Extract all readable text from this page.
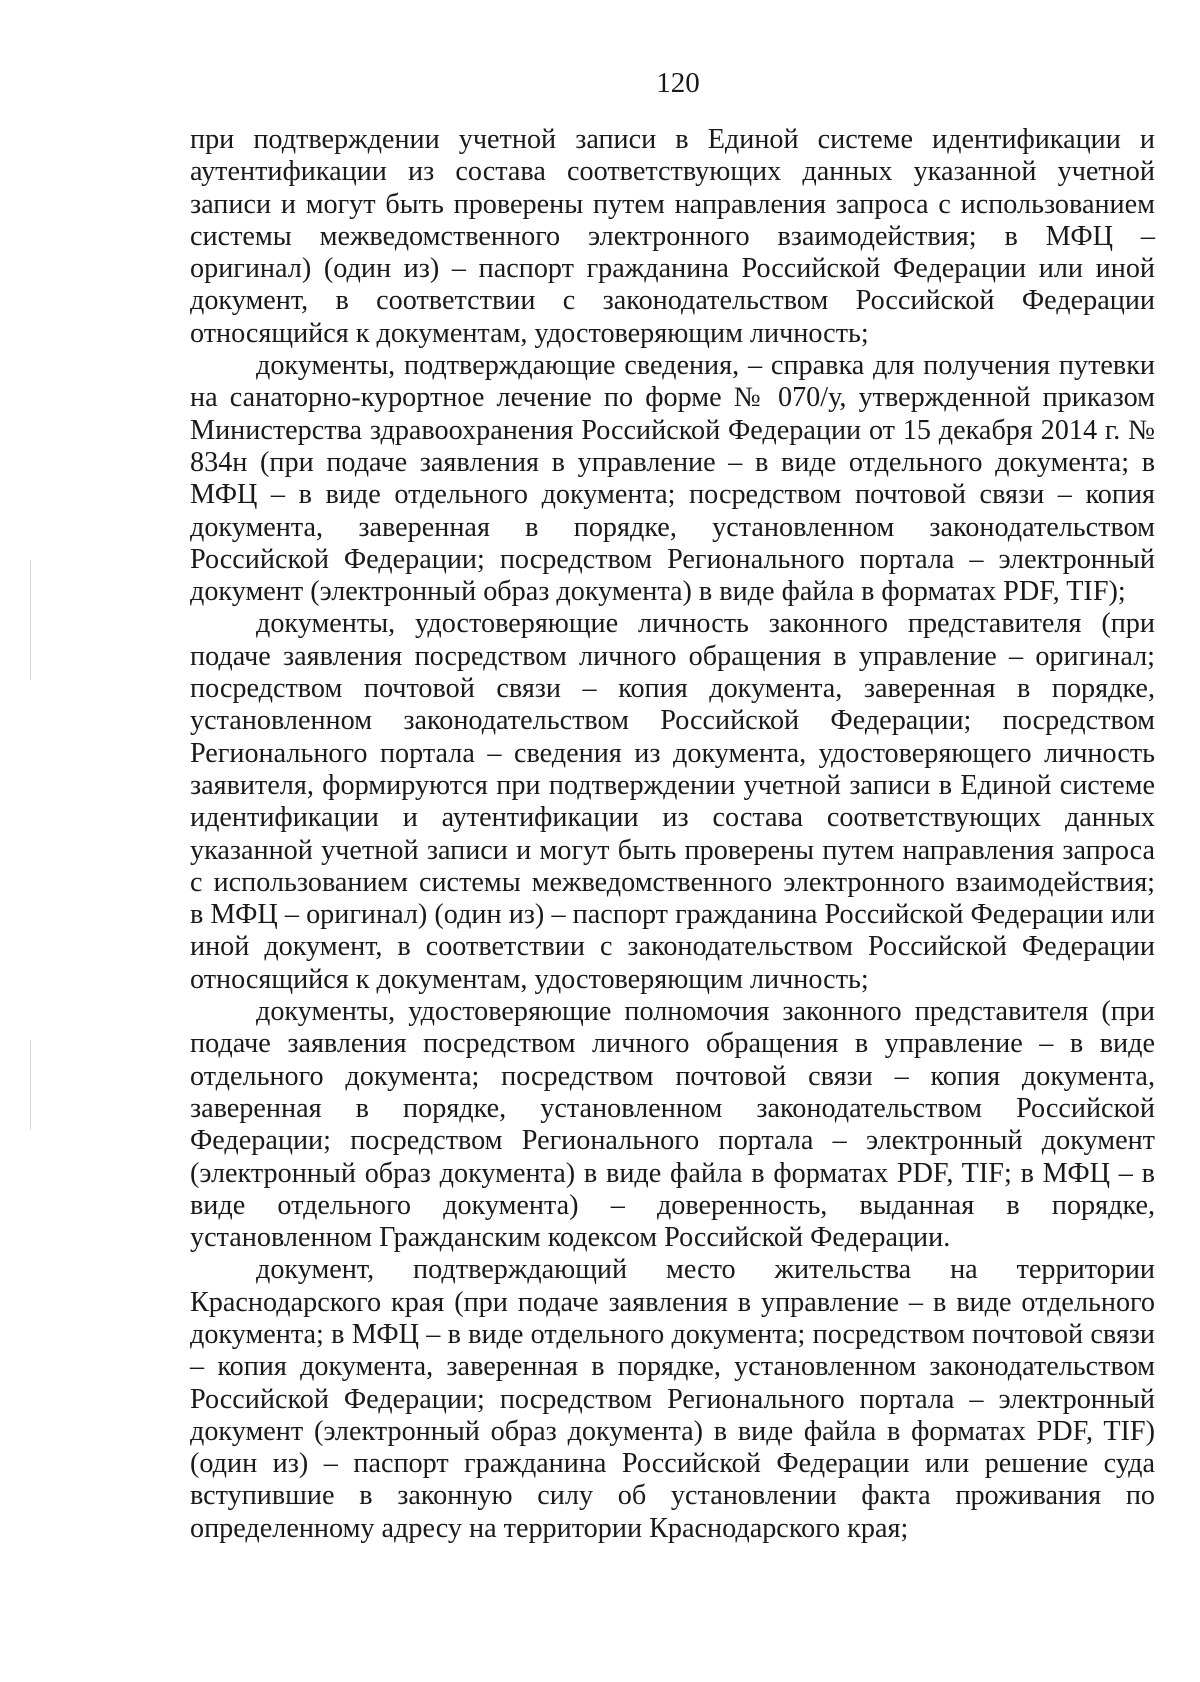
120

при подтверждении учетной записи в Единой системе идентификации и аутентификации из состава соответствующих данных указанной учетной записи и могут быть проверены путем направления запроса с использованием системы межведомственного электронного взаимодействия; в МФЦ – оригинал) (один из) – паспорт гражданина Российской Федерации или иной документ, в соответствии с законодательством Российской Федерации относящийся к документам, удостоверяющим личность;

документы, подтверждающие сведения, – справка для получения путевки на санаторно-курортное лечение по форме № 070/у, утвержденной приказом Министерства здравоохранения Российской Федерации от 15 декабря 2014 г. № 834н (при подаче заявления в управление – в виде отдельного документа; в МФЦ – в виде отдельного документа; посредством почтовой связи – копия документа, заверенная в порядке, установленном законодательством Российской Федерации; посредством Регионального портала – электронный документ (электронный образ документа) в виде файла в форматах PDF, TIF);

документы, удостоверяющие личность законного представителя (при подаче заявления посредством личного обращения в управление – оригинал; посредством почтовой связи – копия документа, заверенная в порядке, установленном законодательством Российской Федерации; посредством Регионального портала – сведения из документа, удостоверяющего личность заявителя, формируются при подтверждении учетной записи в Единой системе идентификации и аутентификации из состава соответствующих данных указанной учетной записи и могут быть проверены путем направления запроса с использованием системы межведомственного электронного взаимодействия; в МФЦ – оригинал) (один из) – паспорт гражданина Российской Федерации или иной документ, в соответствии с законодательством Российской Федерации относящийся к документам, удостоверяющим личность;

документы, удостоверяющие полномочия законного представителя (при подаче заявления посредством личного обращения в управление – в виде отдельного документа; посредством почтовой связи – копия документа, заверенная в порядке, установленном законодательством Российской Федерации; посредством Регионального портала – электронный документ (электронный образ документа) в виде файла в форматах PDF, TIF; в МФЦ – в виде отдельного документа) – доверенность, выданная в порядке, установленном Гражданским кодексом Российской Федерации.

документ, подтверждающий место жительства на территории Краснодарского края (при подаче заявления в управление – в виде отдельного документа; в МФЦ – в виде отдельного документа; посредством почтовой связи – копия документа, заверенная в порядке, установленном законодательством Российской Федерации; посредством Регионального портала – электронный документ (электронный образ документа) в виде файла в форматах PDF, TIF) (один из) – паспорт гражданина Российской Федерации или решение суда вступившие в законную силу об установлении факта проживания по определенному адресу на территории Краснодарского края;
